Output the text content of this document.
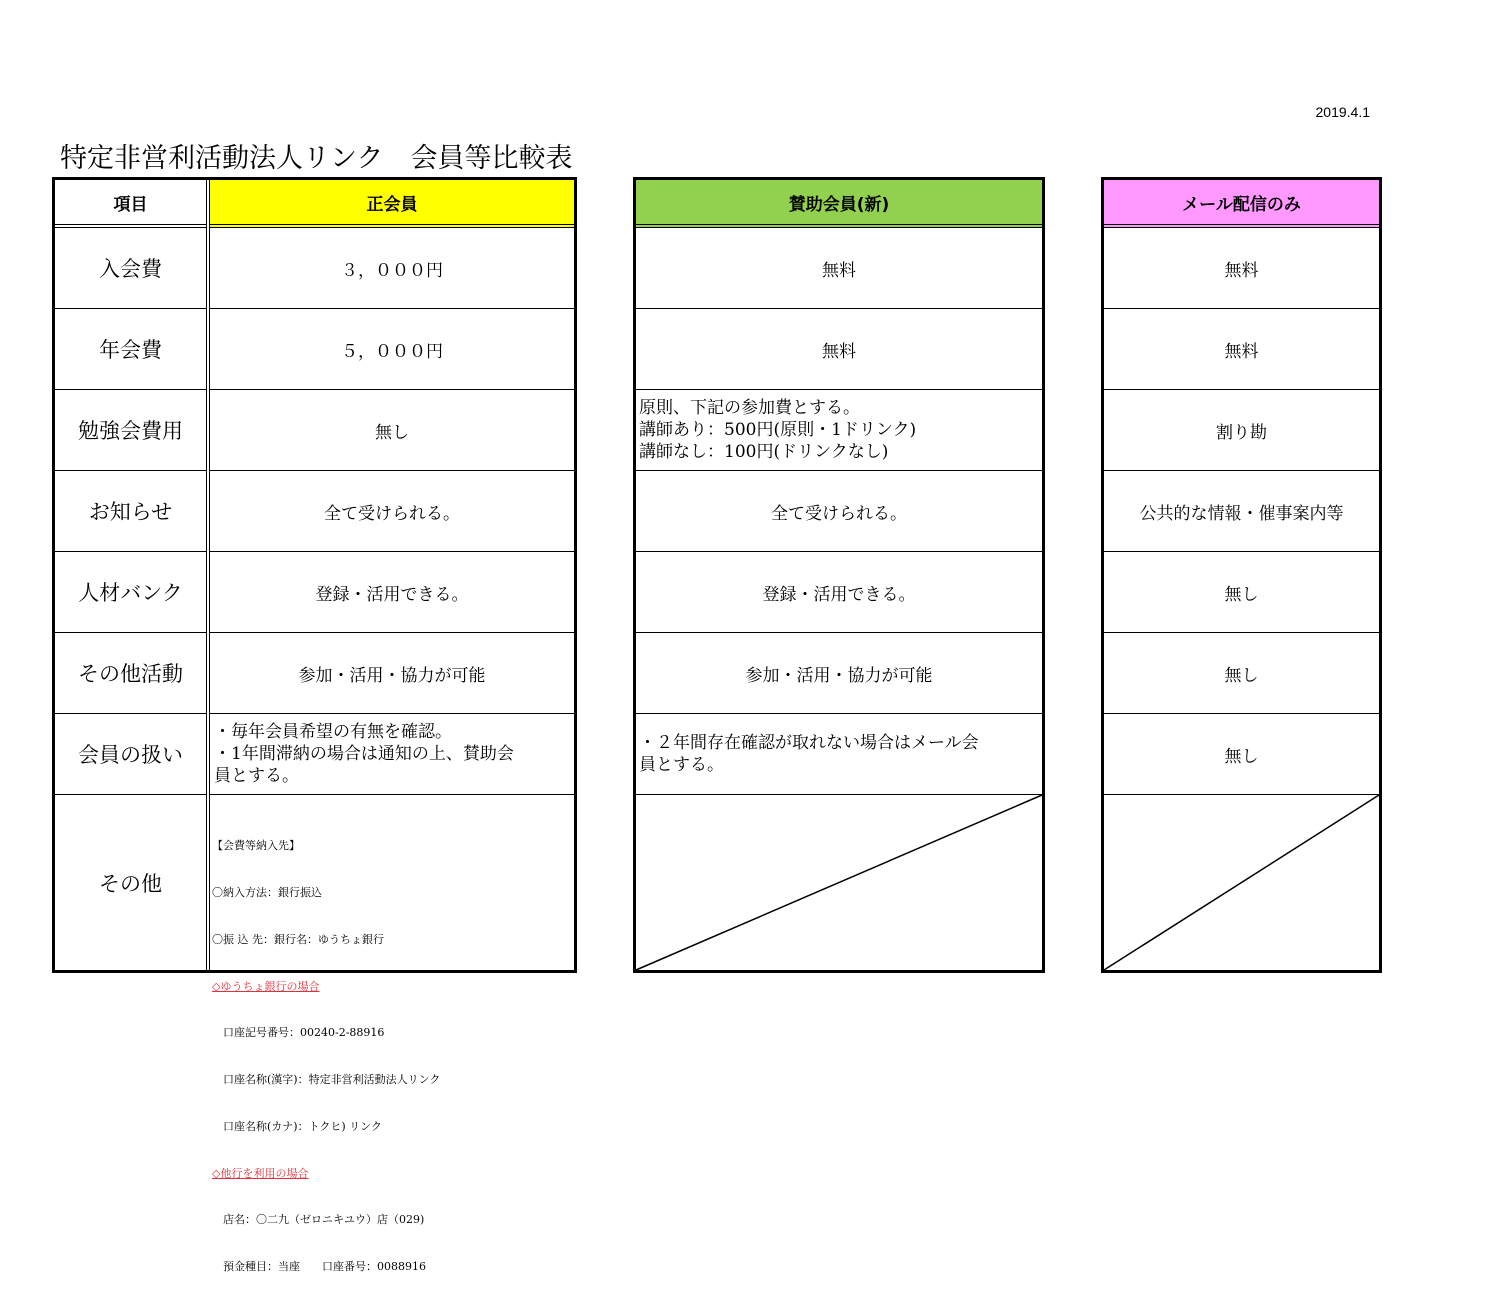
2019.4.1
特定非営利活動法人リンク　会員等比較表
項目
入会費
年会費
勉強会費用
お知らせ
人材バンク
その他活動
会員の扱い
その他
正会員
３，０００円
５，０００円
無し
全て受けられる。
登録・活用できる。
参加・活用・協力が可能
・毎年会員希望の有無を確認。
・1年間滞納の場合は通知の上、賛助会
員とする。

【会費等納入先】

〇納入方法：銀行振込

〇振 込 先：銀行名：ゆうちょ銀行

◇ゆうちょ銀行の場合

　口座記号番号：00240-2-88916

　口座名称(漢字)：特定非営利活動法人リンク

　口座名称(カナ)：トクヒ) リンク

◇他行を利用の場合

　店名：〇二九（ゼロニキユウ）店（029)

　預金種目：当座　　口座番号：0088916

賛助会員(新)
無料
無料
原則、下記の参加費とする。
講師あり：500円(原則・1ドリンク)
講師なし：100円(ドリンクなし)
全て受けられる。
登録・活用できる。
参加・活用・協力が可能
・２年間存在確認が取れない場合はメール会
員とする。
メール配信のみ
無料
無料
割り勘
公共的な情報・催事案内等
無し
無し
無し
